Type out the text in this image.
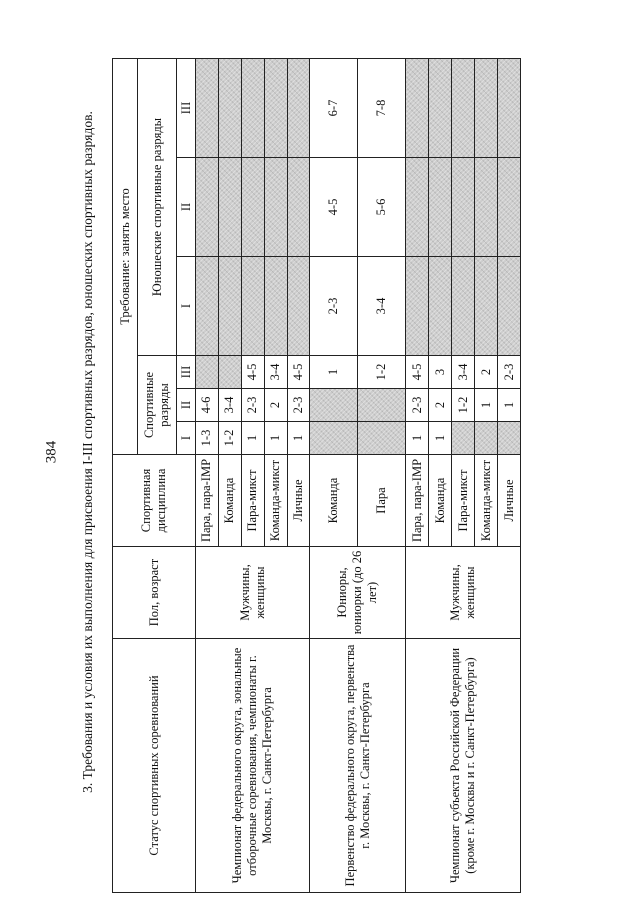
384 3. Требования и условия их выполнения для присвоения I-III спортивных разрядов, юношеских спортивных разрядов.	Статус спортивных соревнований	Пол, возраст	Спортивная дисциплина	Требование: занять место					
			Спортивные разряды			Юношеские спортивные разряды		
			I	II	III	I	II	III
Чемпионат федерального округа, зональные отборочные соревнования, чемпионаты г. Москвы, г. Санкт-Петербурга	Мужчины, женщины	Пара, пара-IMP	1-3	4-6				
		Команда	1-2	3-4				
		Пара-микст	1	2-3	4-5			
		Команда-микст	1	2	3-4			
		Личные	1	2-3	4-5			
Первенство федерального округа, первенства г. Москвы, г. Санкт-Петербурга	Юниоры, юниорки (до 26 лет)	Команда			1	2-3	4-5	6-7
		Пара			1-2	3-4	5-6	7-8
Чемпионат субъекта Российской Федерации (кроме г. Москвы и г. Санкт-Петербурга)	Мужчины, женщины	Пара, пара-IMP	1	2-3	4-5			
		Команда	1	2	3			
		Пара-микст		1-2	3-4			
		Команда-микст		1	2			
		Личные		1	2-3			
